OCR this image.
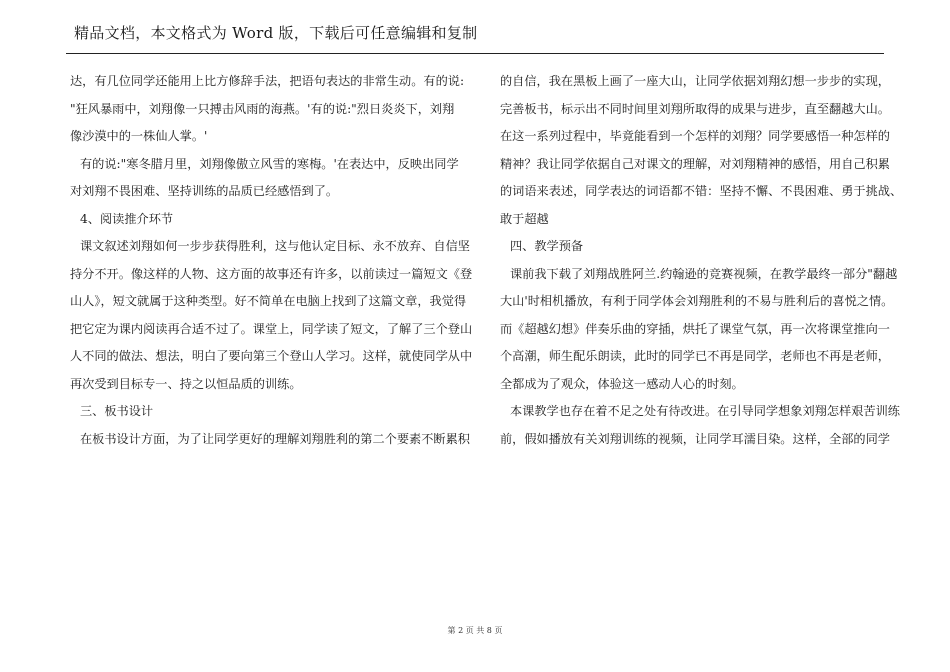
精品文档，本文格式为 Word 版，下载后可任意编辑和复制

达，有几位同学还能用上比方修辞手法，把语句表达的非常生动。有的说:

"狂风暴雨中，刘翔像一只搏击风雨的海燕。'有的说:"烈日炎炎下，刘翔

像沙漠中的一株仙人掌。'

有的说:"寒冬腊月里，刘翔像傲立风雪的寒梅。'在表达中，反映出同学

对刘翔不畏困难、坚持训练的品质已经感悟到了。

4、阅读推介环节

课文叙述刘翔如何一步步获得胜利，这与他认定目标、永不放弃、自信坚

持分不开。像这样的人物、这方面的故事还有许多，以前读过一篇短文《登

山人》，短文就属于这种类型。好不简单在电脑上找到了这篇文章，我觉得

把它定为课内阅读再合适不过了。课堂上，同学读了短文，了解了三个登山

人不同的做法、想法，明白了要向第三个登山人学习。这样，就使同学从中

再次受到目标专一、持之以恒品质的训练。

三、板书设计

在板书设计方面，为了让同学更好的理解刘翔胜利的第二个要素不断累积

的自信，我在黑板上画了一座大山，让同学依据刘翔幻想一步步的实现，

完善板书，标示出不同时间里刘翔所取得的成果与进步，直至翻越大山。

在这一系列过程中，毕竟能看到一个怎样的刘翔？同学要感悟一种怎样的

精神？我让同学依据自己对课文的理解，对刘翔精神的感悟，用自己积累

的词语来表述，同学表达的词语都不错：坚持不懈、不畏困难、勇于挑战、

敢于超越

四、教学预备

课前我下载了刘翔战胜阿兰.约翰逊的竞赛视频，在教学最终一部分"翻越

大山'时相机播放，有利于同学体会刘翔胜利的不易与胜利后的喜悦之情。

而《超越幻想》伴奏乐曲的穿插，烘托了课堂气氛，再一次将课堂推向一

个高潮，师生配乐朗读，此时的同学已不再是同学，老师也不再是老师，

全都成为了观众，体验这一感动人心的时刻。

本课教学也存在着不足之处有待改进。在引导同学想象刘翔怎样艰苦训练

前，假如播放有关刘翔训练的视频，让同学耳濡目染。这样，全部的同学

第 2 页 共 8 页
